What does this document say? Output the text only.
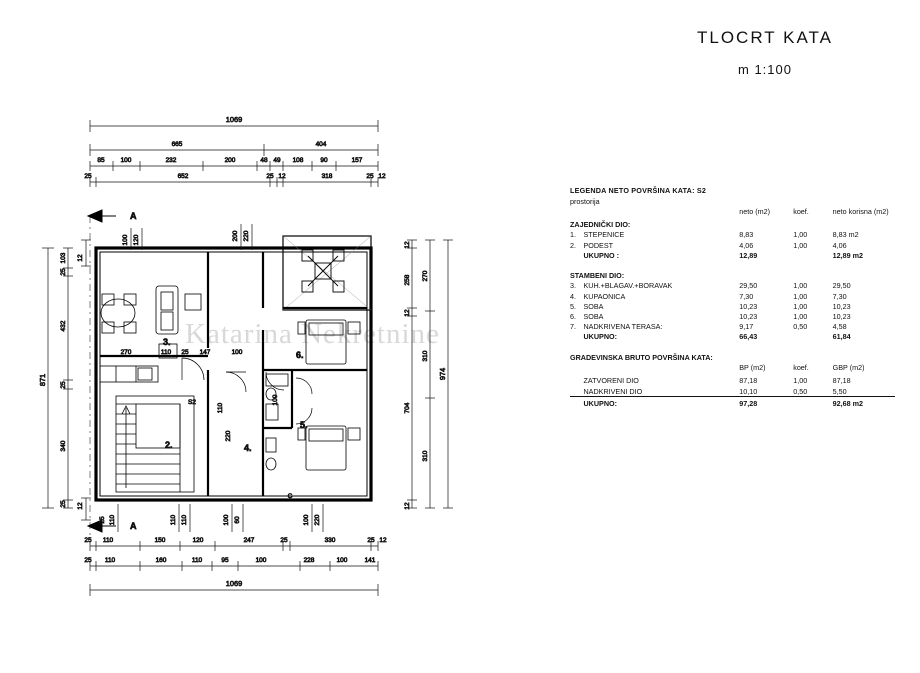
TLOCRT KATA
m 1:100
Katarina Nekretnine
1069
665	404
85 100	232	200	48 49 108	90	157
25	652	25 12	318	25 12
871
103
25
432
25
340
25
12
12
12
258
12
704
12
270
310
310
974
25 110	150	120	247	25	330	25 12
25 110	160	110	95	100	228	100	141
1069
A
A
3.
6.
2.	4.
5.
S2
C
100 120	200 220
270	110 25 147	100
220
110
100
110
25	110 110	100 60	100 220
LEGENDA NETO POVRŠINA KATA: S2
prostorija
		neto (m2)	koef.	neto korisna (m2)
ZAJEDNIČKI DIO:				
1.	STEPENICE	8,83	1,00	8,83 m2
2.	PODEST	4,06	1,00	4,06
	UKUPNO :	12,89		12,89 m2

STAMBENI DIO:				
3.	KUH.+BLAGAV.+BORAVAK	29,50	1,00	29,50
4.	KUPAONICA	7,30	1,00	7,30
5.	SOBA	10,23	1,00	10,23
6.	SOBA	10,23	1,00	10,23
7.	NADKRIVENA TERASA:	9,17	0,50	4,58
	UKUPNO:	66,43		61,84

GRADEVINSKA BRUTO POVRŠINA KATA:				
		BP (m2)	koef.	GBP (m2)
	ZATVORENI DIO	87,18	1,00	87,18
	NADKRIVENI DIO	10,10	0,50	5,50

	UKUPNO:	97,28		92,68 m2
